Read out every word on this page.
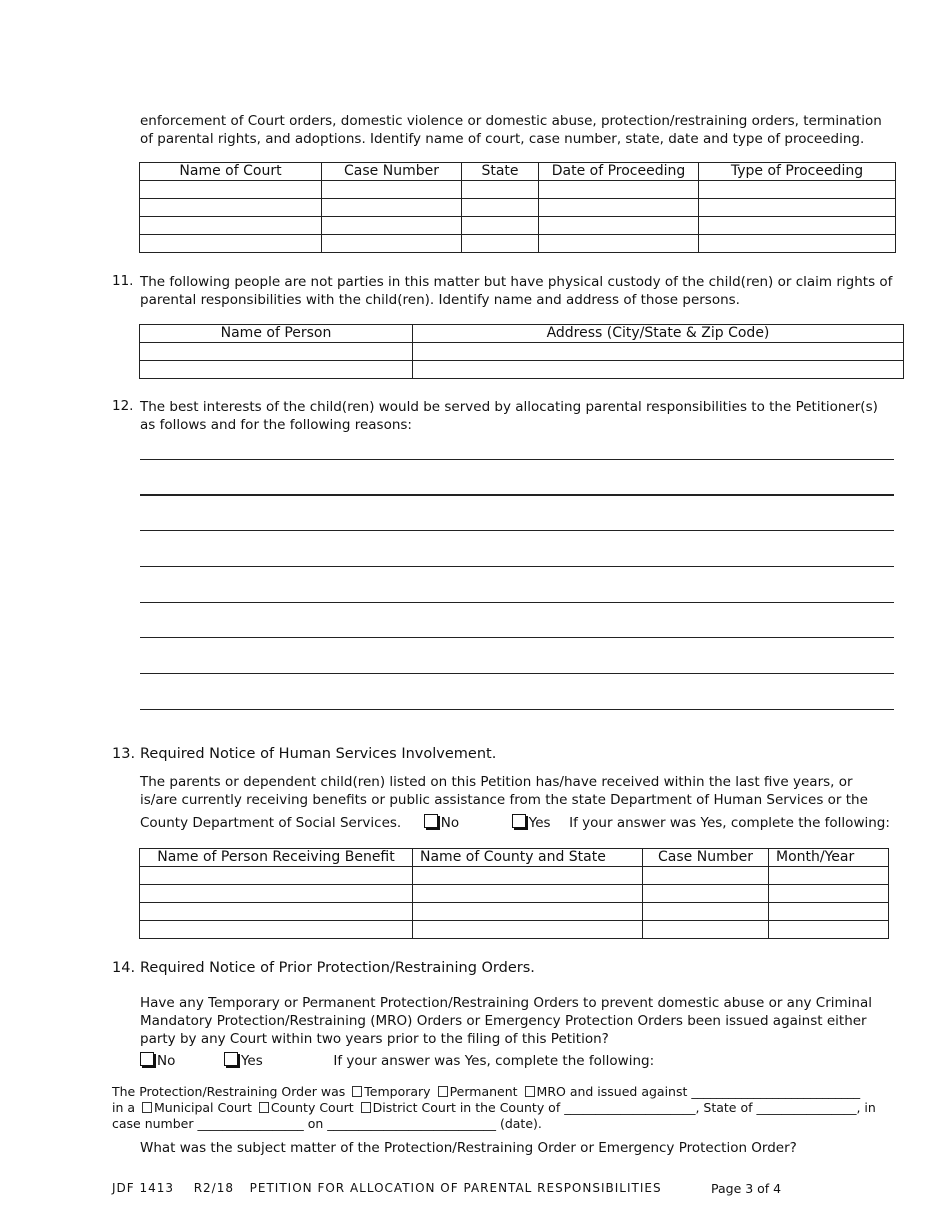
enforcement of Court orders, domestic violence or domestic abuse, protection/restraining orders, termination
of parental rights, and adoptions. Identify name of court, case number, state, date and type of proceeding.
Name of Court	Case Number	State	Date of Proceeding	Type of Proceeding

11. The following people are not parties in this matter but have physical custody of the child(ren) or claim rights of
parental responsibilities with the child(ren). Identify name and address of those persons.
Name of Person	Address (City/State & Zip Code)

12. The best interests of the child(ren) would be served by allocating parental responsibilities to the Petitioner(s)
as follows and for the following reasons:
13. Required Notice of Human Services Involvement.
The parents or dependent child(ren) listed on this Petition has/have received within the last five years, or
is/are currently receiving benefits or public assistance from the state Department of Human Services or the
County Department of Social Services.	No	Yes If your answer was Yes, complete the following:
Name of Person Receiving Benefit	Name of County and State	Case Number	Month/Year

14. Required Notice of Prior Protection/Restraining Orders.
Have any Temporary or Permanent Protection/Restraining Orders to prevent domestic abuse or any Criminal
Mandatory Protection/Restraining (MRO) Orders or Emergency Protection Orders been issued against either
party by any Court within two years prior to the filing of this Petition?
No	Yes	If your answer was Yes, complete the following:
The Protection/Restraining Order was Temporary Permanent MRO and issued against ___________________________
in a Municipal Court County Court District Court in the County of _____________________, State of ________________, in
case number _________________ on ___________________________ (date).
What was the subject matter of the Protection/Restraining Order or Emergency Protection Order?
JDF 1413 R2/18 PETITION FOR ALLOCATION OF PARENTAL RESPONSIBILITIES	Page 3 of 4
